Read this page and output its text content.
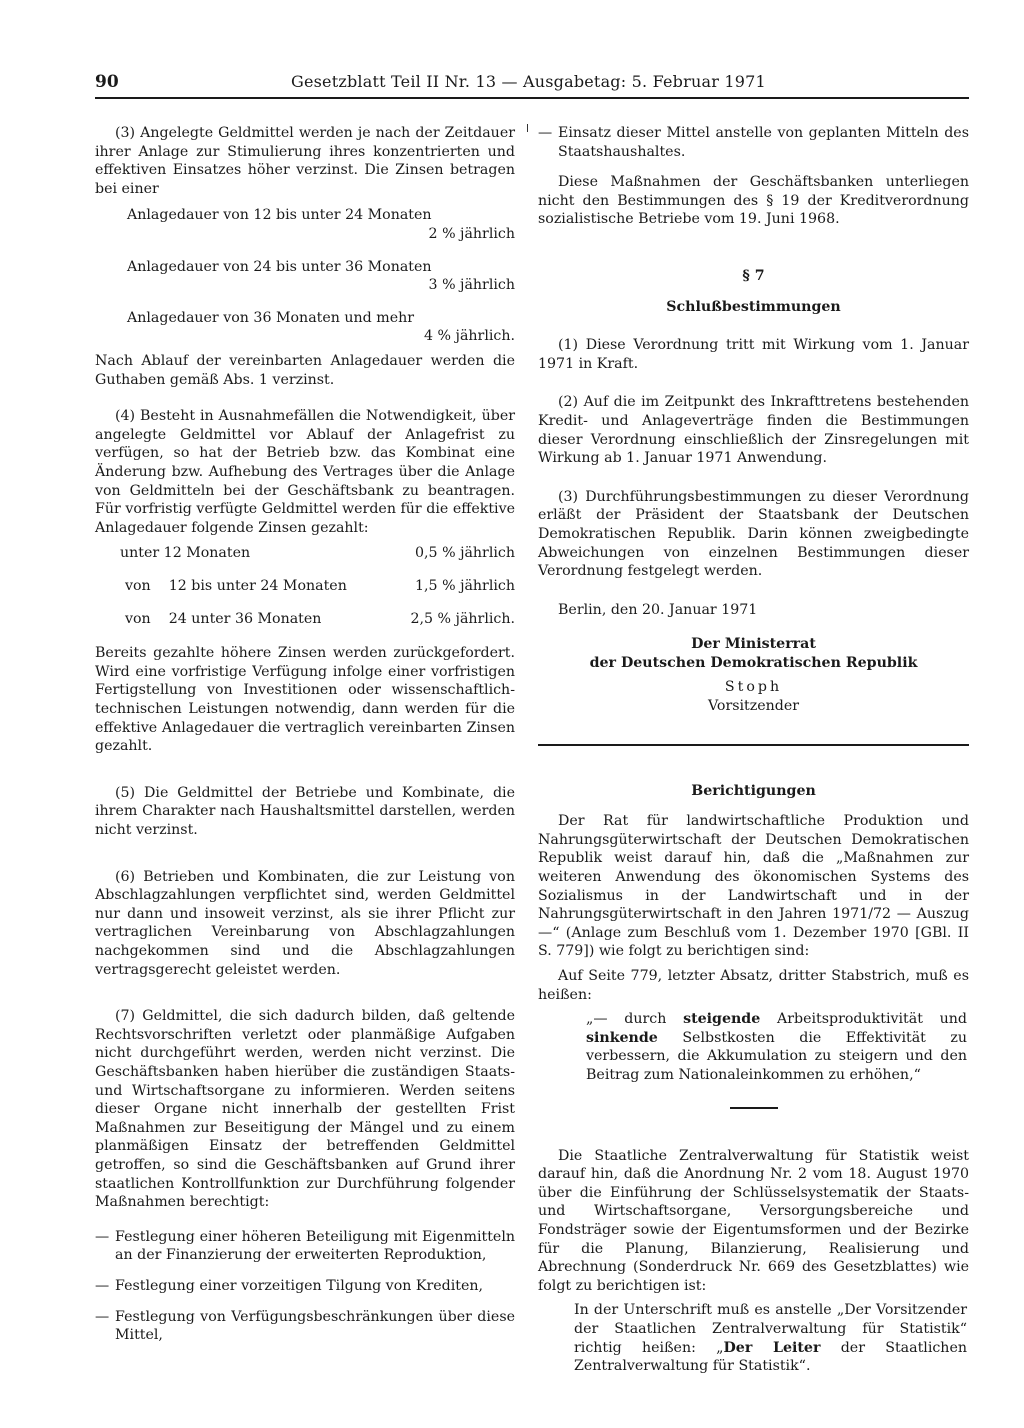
90	Gesetzblatt Teil II Nr. 13 — Ausgabetag: 5. Februar 1971

(3) Angelegte Geldmittel werden je nach der Zeitdauer ihrer Anlage zur Stimulierung ihres konzentrierten und effektiven Einsatzes höher verzinst. Die Zinsen betragen bei einer

Anlagedauer von 12 bis unter 24 Monaten
2 % jährlich
Anlagedauer von 24 bis unter 36 Monaten
3 % jährlich
Anlagedauer von 36 Monaten und mehr
4 % jährlich.

Nach Ablauf der vereinbarten Anlagedauer werden die Guthaben gemäß Abs. 1 verzinst.

(4) Besteht in Ausnahmefällen die Notwendigkeit, über angelegte Geldmittel vor Ablauf der Anlagefrist zu verfügen, so hat der Betrieb bzw. das Kombinat eine Änderung bzw. Aufhebung des Vertrages über die Anlage von Geldmitteln bei der Geschäftsbank zu beantragen. Für vorfristig verfügte Geldmittel werden für die effektive Anlagedauer folgende Zinsen gezahlt:

unter 12 Monaten	0,5 % jährlich
von    12 bis unter 24 Monaten	1,5 % jährlich
von    24 unter 36 Monaten	2,5 % jährlich.

Bereits gezahlte höhere Zinsen werden zurückgefordert. Wird eine vorfristige Verfügung infolge einer vorfristigen Fertigstellung von Investitionen oder wissenschaftlich-technischen Leistungen notwendig, dann werden für die effektive Anlagedauer die vertraglich vereinbarten Zinsen gezahlt.

(5) Die Geldmittel der Betriebe und Kombinate, die ihrem Charakter nach Haushaltsmittel darstellen, werden nicht verzinst.

(6) Betrieben und Kombinaten, die zur Leistung von Abschlagzahlungen verpflichtet sind, werden Geldmittel nur dann und insoweit verzinst, als sie ihrer Pflicht zur vertraglichen Vereinbarung von Abschlagzahlungen nachgekommen sind und die Abschlagzahlungen vertragsgerecht geleistet werden.

(7) Geldmittel, die sich dadurch bilden, daß geltende Rechtsvorschriften verletzt oder planmäßige Aufgaben nicht durchgeführt werden, werden nicht verzinst. Die Geschäftsbanken haben hierüber die zuständigen Staats- und Wirtschaftsorgane zu informieren. Werden seitens dieser Organe nicht innerhalb der gestellten Frist Maßnahmen zur Beseitigung der Mängel und zu einem planmäßigen Einsatz der betreffenden Geldmittel getroffen, so sind die Geschäftsbanken auf Grund ihrer staatlichen Kontrollfunktion zur Durchführung folgender Maßnahmen berechtigt:

— Festlegung einer höheren Beteiligung mit Eigenmitteln an der Finanzierung der erweiterten Reproduktion,
— Festlegung einer vorzeitigen Tilgung von Krediten,
— Festlegung von Verfügungsbeschränkungen über diese Mittel,
— Einsatz dieser Mittel anstelle von geplanten Mitteln des Staatshaushaltes.

Diese Maßnahmen der Geschäftsbanken unterliegen nicht den Bestimmungen des § 19 der Kreditverordnung sozialistische Betriebe vom 19. Juni 1968.

§ 7
Schlußbestimmungen

(1) Diese Verordnung tritt mit Wirkung vom 1. Januar 1971 in Kraft.

(2) Auf die im Zeitpunkt des Inkrafttretens bestehenden Kredit- und Anlageverträge finden die Bestimmungen dieser Verordnung einschließlich der Zinsregelungen mit Wirkung ab 1. Januar 1971 Anwendung.

(3) Durchführungsbestimmungen zu dieser Verordnung erläßt der Präsident der Staatsbank der Deutschen Demokratischen Republik. Darin können zweigbedingte Abweichungen von einzelnen Bestimmungen dieser Verordnung festgelegt werden.

Berlin, den 20. Januar 1971

Der Ministerrat
der Deutschen Demokratischen Republik
Stoph
Vorsitzender
Berichtigungen

Der Rat für landwirtschaftliche Produktion und Nahrungsgüterwirtschaft der Deutschen Demokratischen Republik weist darauf hin, daß die „Maßnahmen zur weiteren Anwendung des ökonomischen Systems des Sozialismus in der Landwirtschaft und in der Nahrungsgüterwirtschaft in den Jahren 1971/72 — Auszug—“ (Anlage zum Beschluß vom 1. Dezember 1970 [GBl. II S. 779]) wie folgt zu berichtigen sind:

Auf Seite 779, letzter Absatz, dritter Stabstrich, muß es heißen:

„— durch steigende Arbeitsproduktivität und sinkende Selbstkosten die Effektivität zu verbessern, die Akkumulation zu steigern und den Beitrag zum Nationaleinkommen zu erhöhen,“

Die Staatliche Zentralverwaltung für Statistik weist darauf hin, daß die Anordnung Nr. 2 vom 18. August 1970 über die Einführung der Schlüsselsystematik der Staats- und Wirtschaftsorgane, Versorgungsbereiche und Fondsträger sowie der Eigentumsformen und der Bezirke für die Planung, Bilanzierung, Realisierung und Abrechnung (Sonderdruck Nr. 669 des Gesetzblattes) wie folgt zu berichtigen ist:

In der Unterschrift muß es anstelle „Der Vorsitzender der Staatlichen Zentralverwaltung für Statistik“ richtig heißen: „Der Leiter der Staatlichen Zentralverwaltung für Statistik“.
